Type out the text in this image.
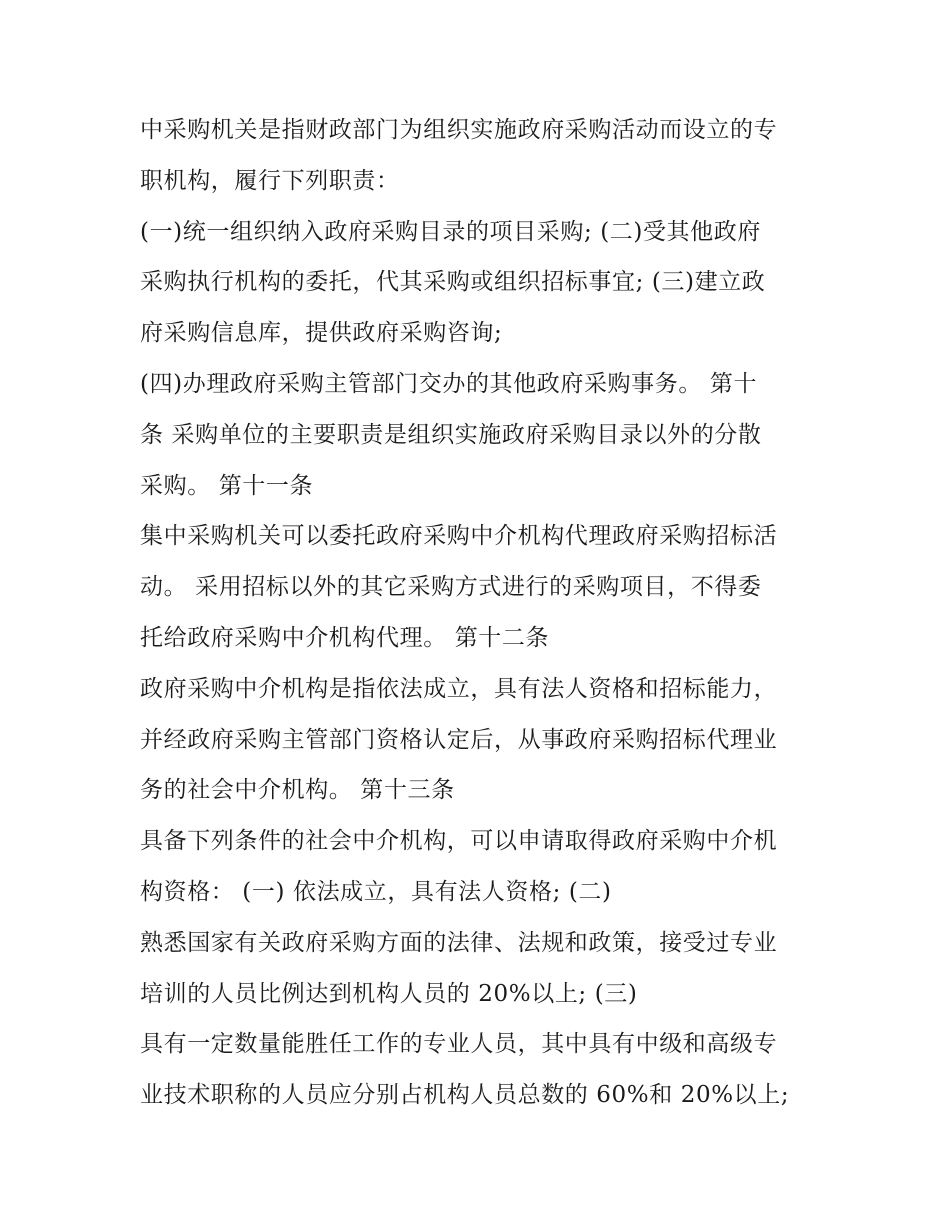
中采购机关是指财政部门为组织实施政府采购活动而设立的专
职机构，履行下列职责：
(一)统一组织纳入政府采购目录的项目采购; (二)受其他政府
采购执行机构的委托，代其采购或组织招标事宜; (三)建立政
府采购信息库，提供政府采购咨询;
(四)办理政府采购主管部门交办的其他政府采购事务。 第十
条 采购单位的主要职责是组织实施政府采购目录以外的分散
采购。 第十一条
集中采购机关可以委托政府采购中介机构代理政府采购招标活
动。 采用招标以外的其它采购方式进行的采购项目，不得委
托给政府采购中介机构代理。 第十二条
政府采购中介机构是指依法成立，具有法人资格和招标能力，
并经政府采购主管部门资格认定后，从事政府采购招标代理业
务的社会中介机构。 第十三条
具备下列条件的社会中介机构，可以申请取得政府采购中介机
构资格： (一) 依法成立，具有法人资格; (二)
熟悉国家有关政府采购方面的法律、法规和政策，接受过专业
培训的人员比例达到机构人员的 20%以上; (三)
具有一定数量能胜任工作的专业人员，其中具有中级和高级专
业技术职称的人员应分别占机构人员总数的 60%和 20%以上;
